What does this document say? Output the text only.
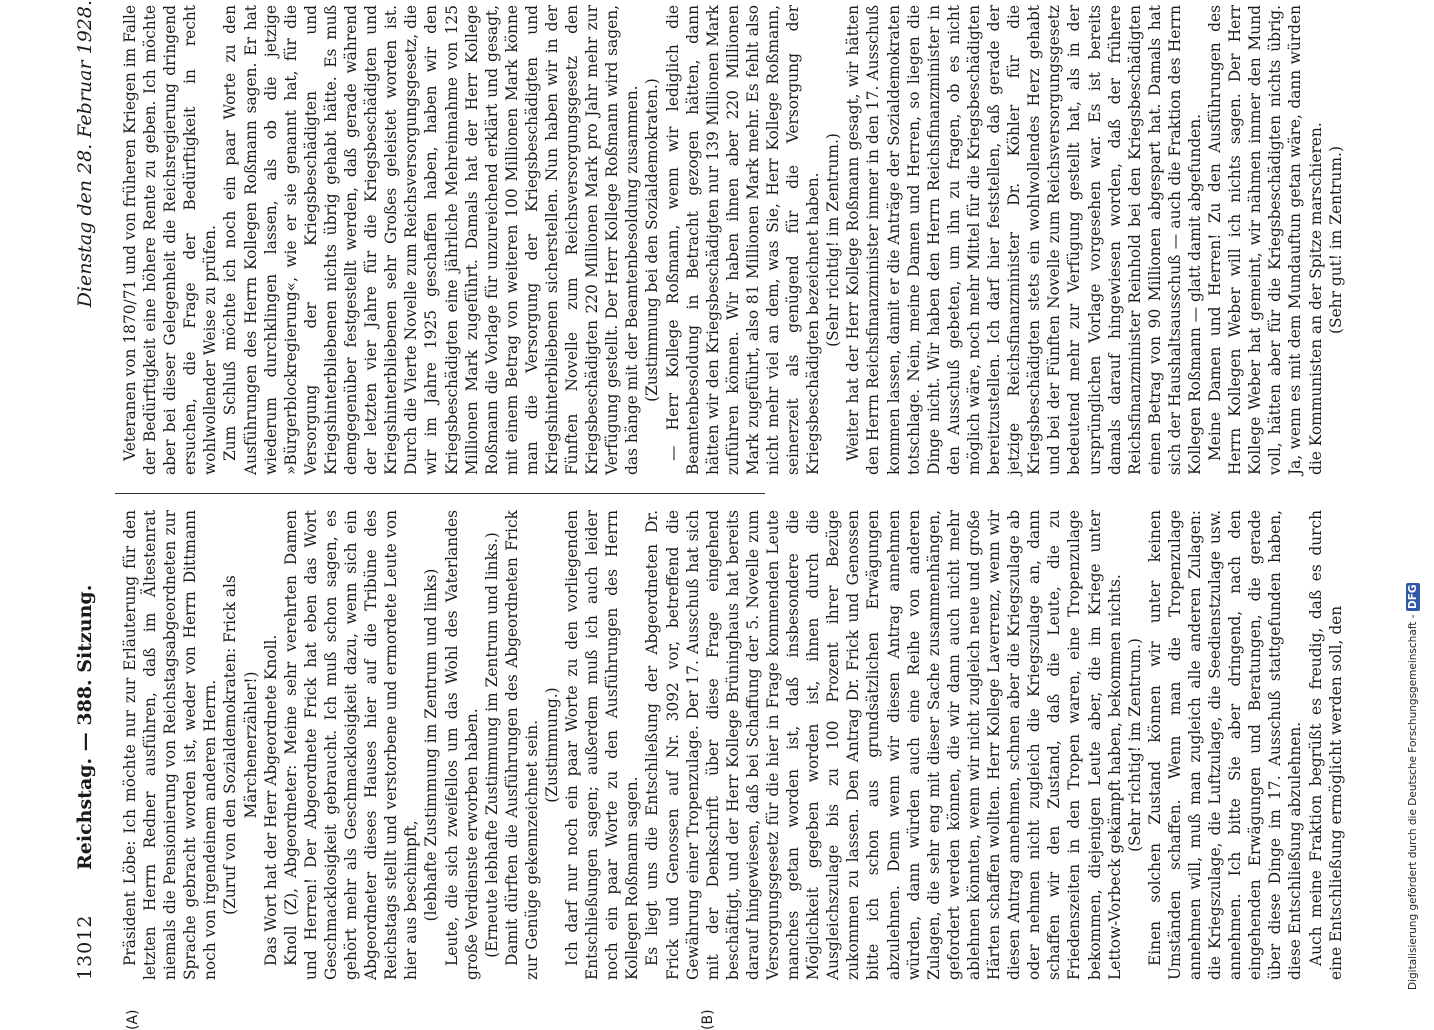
13012
Reichstag. — 388. Sitzung.
Dienstag den 28. Februar 1928.

Präsident Löbe: Ich möchte nur zur Erläuterung für den letzten Herrn Redner ausführen, daß im Ältestenrat niemals die Pensionierung von Reichstagsabgeordneten zur Sprache gebracht worden ist, weder von Herrn Dittmann noch von irgendeinem anderen Herrn. (Zuruf von den Sozialdemokraten: Frick als Märchenerzähler!) Das Wort hat der Herr Abgeordnete Knoll. Knoll (Z), Abgeordneter: Meine sehr verehrten Damen und Herren! Der Abgeordnete Frick hat eben das Wort Geschmacklosigkeit gebraucht. Ich muß schon sagen, es gehört mehr als Geschmacklosigkeit dazu, wenn sich ein Abgeordneter dieses Hauses hier auf die Tribüne des Reichstags stellt und verstorbene und ermordete Leute von hier aus beschimpft, (lebhafte Zustimmung im Zentrum und links) Leute, die sich zweifellos um das Wohl des Vaterlandes große Verdienste erworben haben. (Erneute lebhafte Zustimmung im Zentrum und links.) Damit dürften die Ausführungen des Abgeordneten Frick zur Genüge gekennzeichnet sein. (Zustimmung.) Ich darf nur noch ein paar Worte zu den vorliegenden Entschließungen sagen; außerdem muß ich auch leider noch ein paar Worte zu den Ausführungen des Herrn Kollegen Roßmann sagen. Es liegt uns die Entschließung der Abgeordneten Dr. Frick und Genossen auf Nr. 3092 vor, betreffend die Gewährung einer Tropenzulage. Der 17. Ausschuß hat sich mit der Denkschrift über diese Frage eingehend beschäftigt, und der Herr Kollege Brüninghaus hat bereits darauf hingewiesen, daß bei Schaffung der 5. Novelle zum Versorgungsgesetz für die hier in Frage kommenden Leute manches getan worden ist, daß insbesondere die Möglichkeit gegeben worden ist, ihnen durch die Ausgleichszulage bis zu 100 Prozent ihrer Bezüge zukommen zu lassen. Den Antrag Dr. Frick und Genossen bitte ich schon aus grundsätzlichen Erwägungen abzulehnen. Denn wenn wir diesen Antrag annehmen würden, dann würden auch eine Reihe von anderen Zulagen, die sehr eng mit dieser Sache zusammenhängen, gefordert werden können, die wir dann auch nicht mehr ablehnen könnten, wenn wir nicht zugleich neue und große Härten schaffen wollten. Herr Kollege Laverrenz, wenn wir diesen Antrag annehmen, schnen aber die Kriegszulage ab oder nehmen nicht zugleich die Kriegszulage an, dann schaffen wir den Zustand, daß die Leute, die zu Friedenszeiten in den Tropen waren, eine Tropenzulage bekommen, diejenigen Leute aber, die im Kriege unter Lettow-Vorbeck gekämpft haben, bekommen nichts. (Sehr richtig! im Zentrum.) Einen solchen Zustand können wir unter keinen Umständen schaffen. Wenn man die Tropenzulage annehmen will, muß man zugleich alle anderen Zulagen: die Kriegszulage, die Luftzulage, die Seedienstzulage usw. annehmen. Ich bitte Sie aber dringend, nach den eingehenden Erwägungen und Beratungen, die gerade über diese Dinge im 17. Ausschuß stattgefunden haben, diese Entschließung abzulehnen. Auch meine Fraktion begrüßt es freudig, daß es durch eine Entschließung ermöglicht werden soll, den

Veteranen von 1870/71 und von früheren Kriegen im Falle der Bedürftigkeit eine höhere Rente zu geben. Ich möchte aber bei dieser Gelegenheit die Reichsregierung dringend ersuchen, die Frage der Bedürftigkeit in recht wohlwollender Weise zu prüfen. Zum Schluß möchte ich noch ein paar Worte zu den Ausführungen des Herrn Kollegen Roßmann sagen. Er hat wiederum durchklingen lassen, als ob die jetzige »Bürgerblockregierung«, wie er sie genannt hat, für die Versorgung der Kriegsbeschädigten und Kriegshinterbliebenen nichts übrig gehabt hätte. Es muß demgegenüber festgestellt werden, daß gerade während der letzten vier Jahre für die Kriegsbeschädigten und Kriegshinterbliebenen sehr Großes geleistet worden ist. Durch die Vierte Novelle zum Reichsversorgungsgesetz, die wir im Jahre 1925 geschaffen haben, haben wir den Kriegsbeschädigten eine jährliche Mehreinnahme von 125 Millionen Mark zugeführt. Damals hat der Herr Kollege Roßmann die Vorlage für unzureichend erklärt und gesagt, mit einem Betrag von weiteren 100 Millionen Mark könne man die Versorgung der Kriegsbeschädigten und Kriegshinterbliebenen sicherstellen. Nun haben wir in der Fünften Novelle zum Reichsversorgungsgesetz den Kriegsbeschädigten 220 Millionen Mark pro Jahr mehr zur Verfügung gestellt. Der Herr Kollege Roßmann wird sagen, das hänge mit der Beamtenbesoldung zusammen. (Zustimmung bei den Sozialdemokraten.) — Herr Kollege Roßmann, wenn wir lediglich die Beamtenbesoldung in Betracht gezogen hätten, dann hätten wir den Kriegsbeschädigten nur 139 Millionen Mark zuführen können. Wir haben ihnen aber 220 Millionen Mark zugeführt, also 81 Millionen Mark mehr. Es fehlt also nicht mehr viel an dem, was Sie, Herr Kollege Roßmann, seinerzeit als genügend für die Versorgung der Kriegsbeschädigten bezeichnet haben. (Sehr richtig! im Zentrum.) Weiter hat der Herr Kollege Roßmann gesagt, wir hätten den Herrn Reichsfinanzminister immer in den 17. Ausschuß kommen lassen, damit er die Anträge der Sozialdemokraten totschlage. Nein, meine Damen und Herren, so liegen die Dinge nicht. Wir haben den Herrn Reichsfinanzminister in den Ausschuß gebeten, um ihn zu fragen, ob es nicht möglich wäre, noch mehr Mittel für die Kriegsbeschädigten bereitzustellen. Ich darf hier feststellen, daß gerade der jetzige Reichsfinanzminister Dr. Köhler für die Kriegsbeschädigten stets ein wohlwollendes Herz gehabt und bei der Fünften Novelle zum Reichsversorgungsgesetz bedeutend mehr zur Verfügung gestellt hat, als in der ursprünglichen Vorlage vorgesehen war. Es ist bereits damals darauf hingewiesen worden, daß der frühere Reichsfinanzminister Reinhold bei den Kriegsbeschädigten einen Betrag von 90 Millionen abgespart hat. Damals hat sich der Haushaltsausschuß — auch die Fraktion des Herrn Kollegen Roßmann — glatt damit abgefunden. Meine Damen und Herren! Zu den Ausführungen des Herrn Kollegen Weber will ich nichts sagen. Der Herr Kollege Weber hat gemeint, wir nähmen immer den Mund voll, hätten aber für die Kriegsbeschädigten nichts übrig. Ja, wenn es mit dem Mundauftun getan wäre, dann würden die Kommunisten an der Spitze marschieren. (Sehr gut! im Zentrum.)

(A)	(B)
Digitalisierung gefördert durch die Deutsche Forschungsgemeinschaft - DFG
